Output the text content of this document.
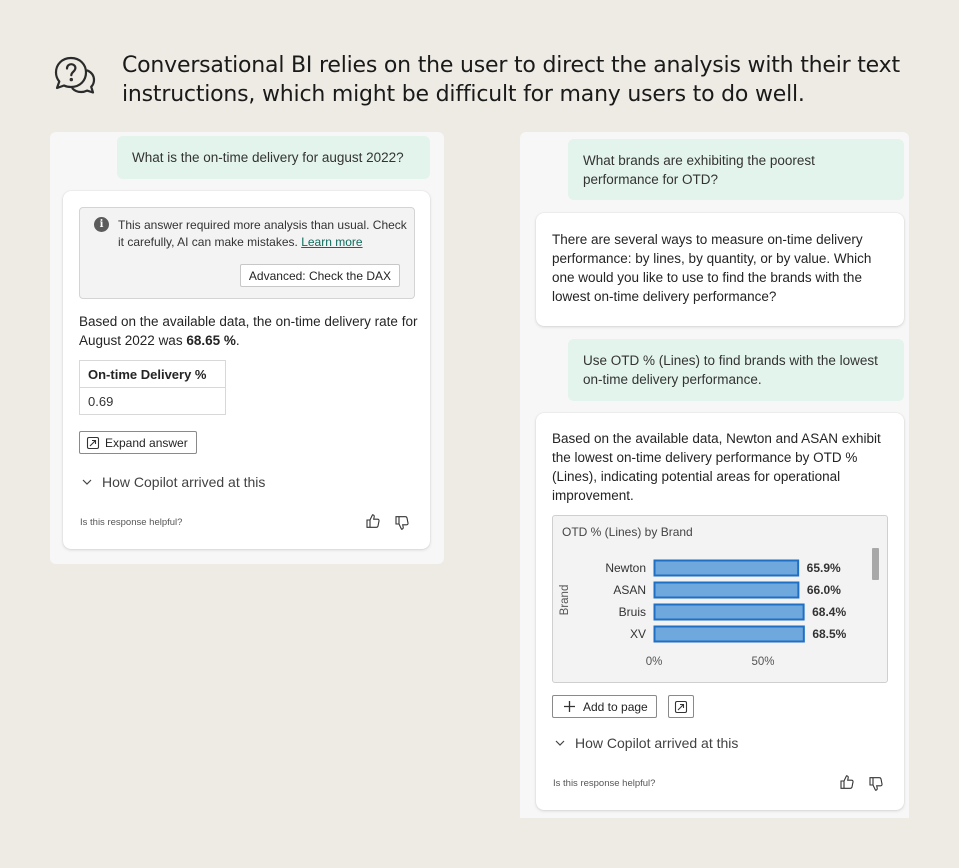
Conversational BI relies on the user to direct the analysis with their text instructions, which might be difficult for many users to do well.
What is the on-time delivery for august 2022?
i	This answer required more analysis than usual. Check it carefully, AI can make mistakes. Learn more
Advanced: Check the DAX
Based on the available data, the on-time delivery rate for August 2022 was 68.65 %.
On-time Delivery %
0.69
Expand answer
How Copilot arrived at this
Is this response helpful?
What brands are exhibiting the poorest performance for OTD?
There are several ways to measure on-time delivery performance: by lines, by quantity, or by value. Which one would you like to use to find the brands with the lowest on-time delivery performance?
Use OTD % (Lines) to find brands with the lowest on-time delivery performance.
Based on the available data, Newton and ASAN exhibit the lowest on-time delivery performance by OTD % (Lines), indicating potential areas for operational improvement.
OTD % (Lines) by Brand
Brand
Newton	65.9%
ASAN	66.0%
Bruis	68.4%
XV	68.5%
0%	50%
Add to page
How Copilot arrived at this
Is this response helpful?
